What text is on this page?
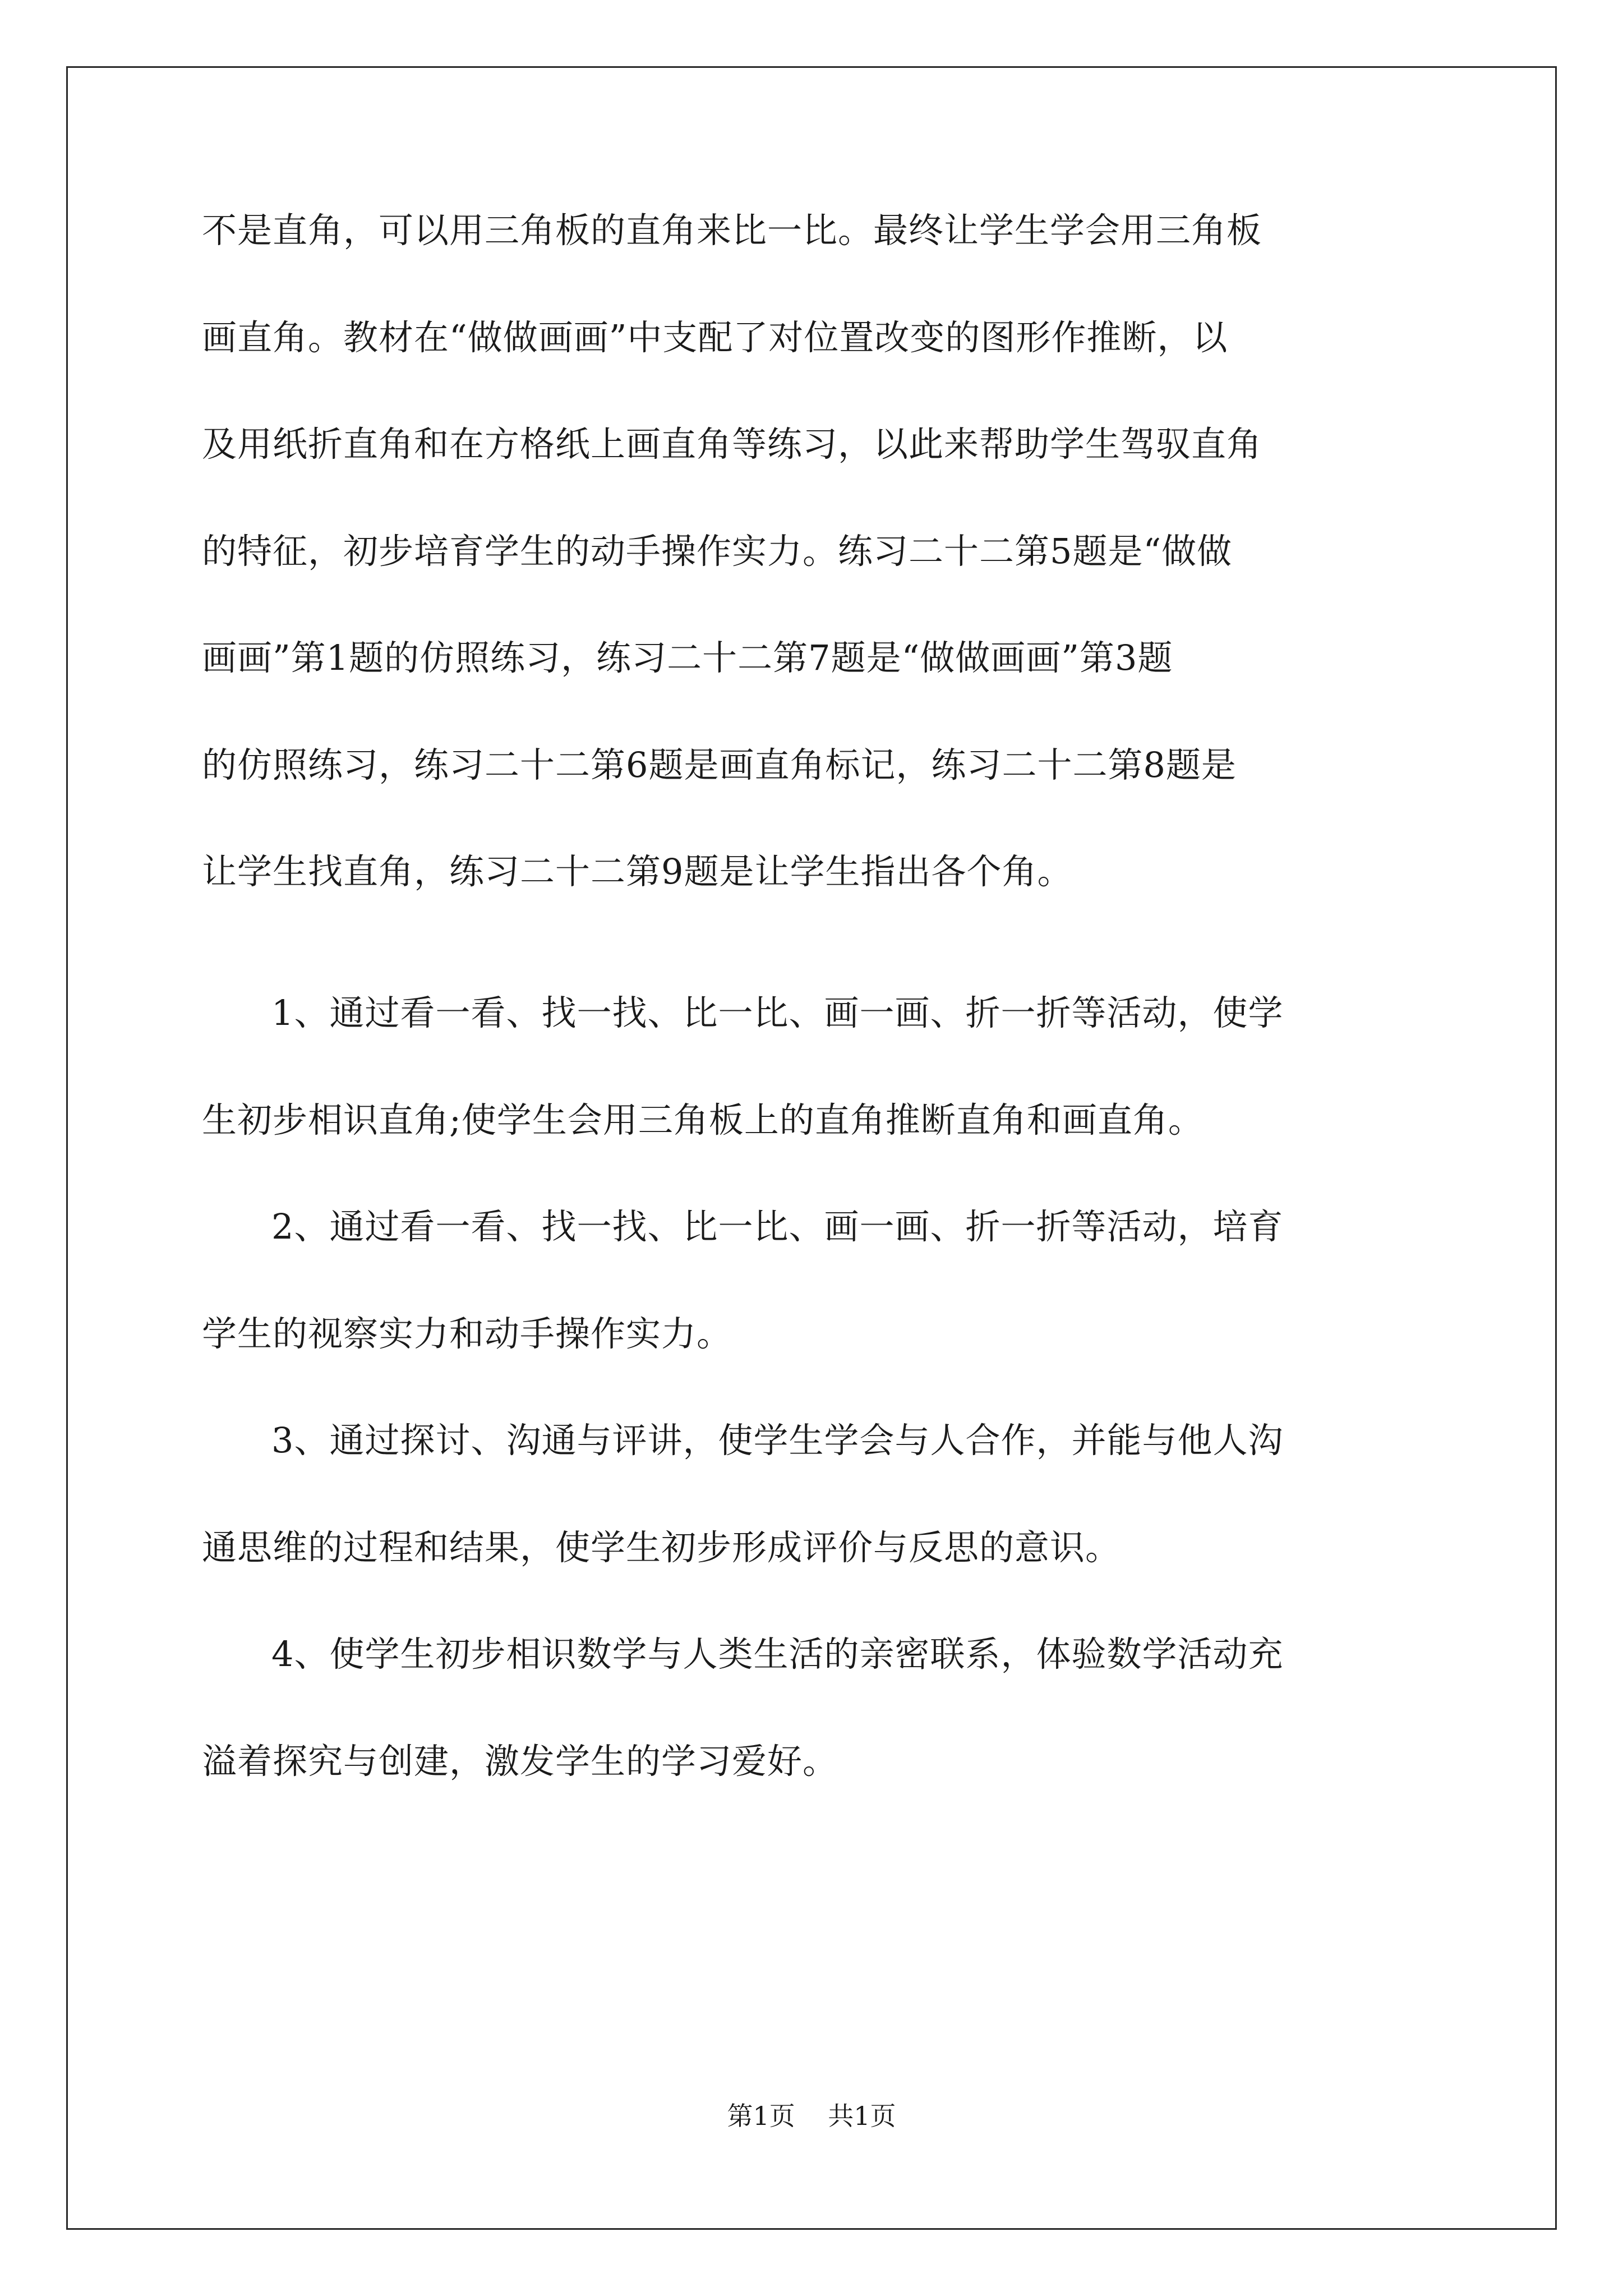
不是直角，可以用三角板的直角来比一比。最终让学生学会用三角板
画直角。教材在“做做画画”中支配了对位置改变的图形作推断，以
及用纸折直角和在方格纸上画直角等练习，以此来帮助学生驾驭直角
的特征，初步培育学生的动手操作实力。练习二十二第5题是“做做
画画”第1题的仿照练习，练习二十二第7题是“做做画画”第3题
的仿照练习，练习二十二第6题是画直角标记，练习二十二第8题是
让学生找直角，练习二十二第9题是让学生指出各个角。
1、通过看一看、找一找、比一比、画一画、折一折等活动，使学
生初步相识直角;使学生会用三角板上的直角推断直角和画直角。
2、通过看一看、找一找、比一比、画一画、折一折等活动，培育
学生的视察实力和动手操作实力。
3、通过探讨、沟通与评讲，使学生学会与人合作，并能与他人沟
通思维的过程和结果，使学生初步形成评价与反思的意识。
4、使学生初步相识数学与人类生活的亲密联系，体验数学活动充
溢着探究与创建，激发学生的学习爱好。
第1页 共1页
